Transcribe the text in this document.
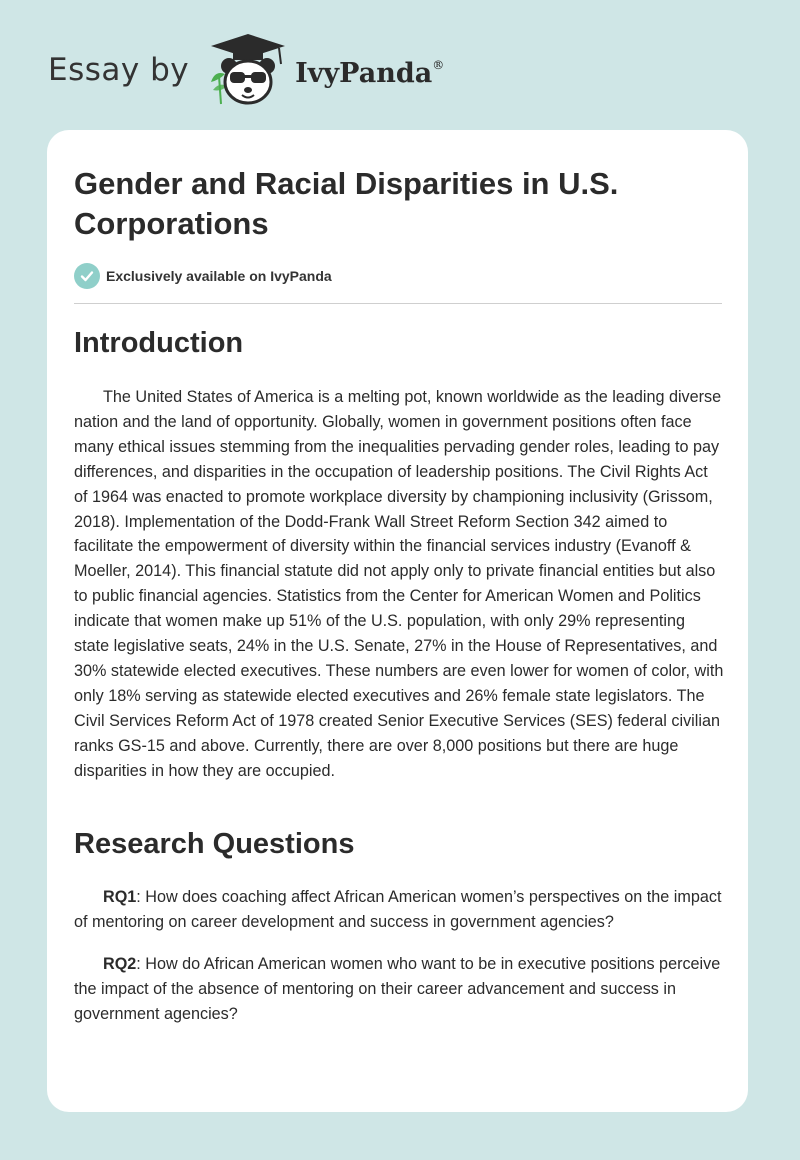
Essay by	IvyPanda®
Gender and Racial Disparities in U.S. Corporations
Exclusively available on IvyPanda
Introduction

The United States of America is a melting pot, known worldwide as the leading diverse nation and the land of opportunity. Globally, women in government positions often face many ethical issues stemming from the inequalities pervading gender roles, leading to pay differences, and disparities in the occupation of leadership positions. The Civil Rights Act of 1964 was enacted to promote workplace diversity by championing inclusivity (Grissom, 2018). Implementation of the Dodd-Frank Wall Street Reform Section 342 aimed to facilitate the empowerment of diversity within the financial services industry (Evanoff & Moeller, 2014). This financial statute did not apply only to private financial entities but also to public financial agencies. Statistics from the Center for American Women and Politics indicate that women make up 51% of the U.S. population, with only 29% representing state legislative seats, 24% in the U.S. Senate, 27% in the House of Representatives, and 30% statewide elected executives. These numbers are even lower for women of color, with only 18% serving as statewide elected executives and 26% female state legislators. The Civil Services Reform Act of 1978 created Senior Executive Services (SES) federal civilian ranks GS-15 and above. Currently, there are over 8,000 positions but there are huge disparities in how they are occupied.

Research Questions

RQ1: How does coaching affect African American women’s perspectives on the impact of mentoring on career development and success in government agencies?

RQ2: How do African American women who want to be in executive positions perceive the impact of the absence of mentoring on their career advancement and success in government agencies?
